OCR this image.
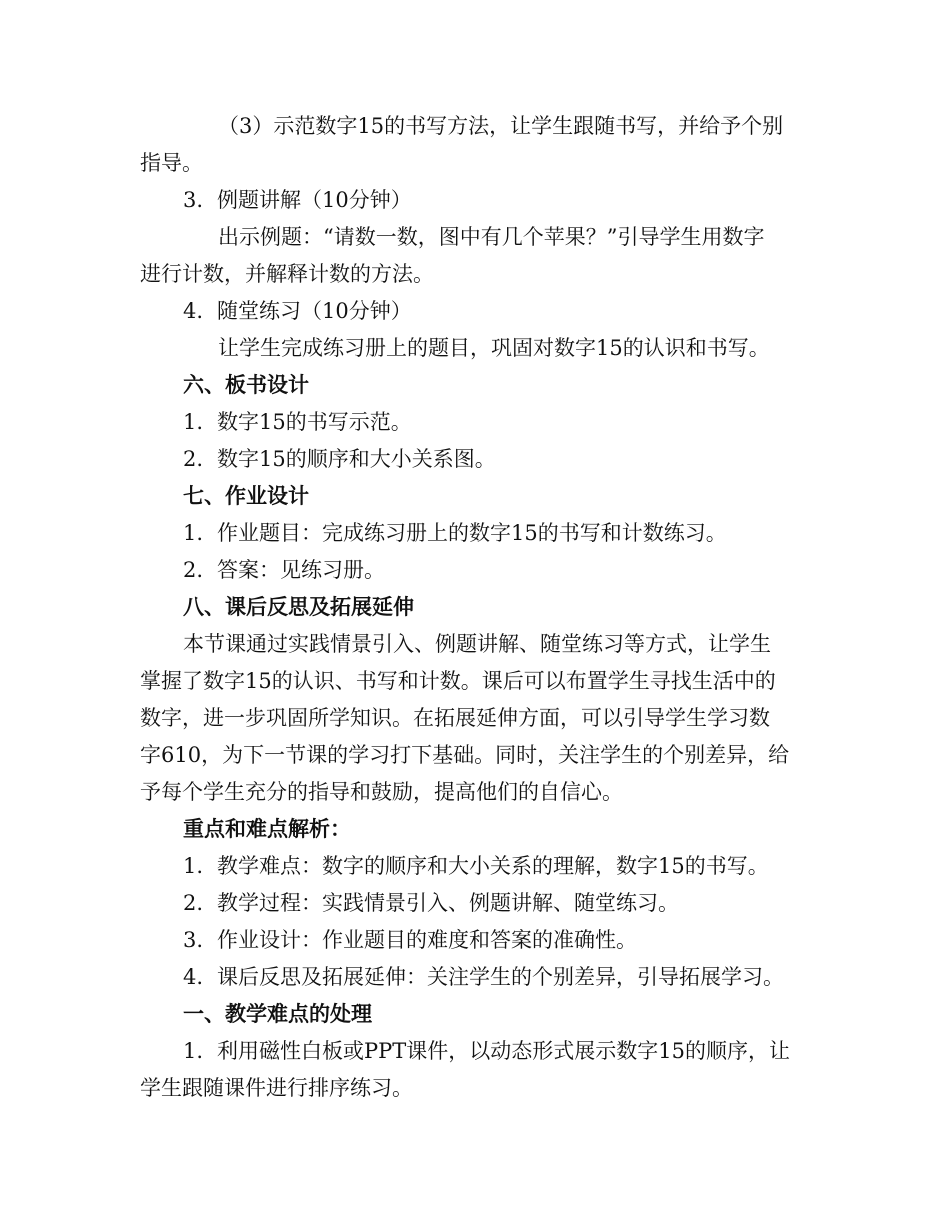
（3）示范数字15的书写方法，让学生跟随书写，并给予个别
指导。
3. 例题讲解（10分钟）
出示例题：“请数一数，图中有几个苹果？”引导学生用数字
进行计数，并解释计数的方法。
4. 随堂练习（10分钟）
让学生完成练习册上的题目，巩固对数字15的认识和书写。
六、板书设计
1. 数字15的书写示范。
2. 数字15的顺序和大小关系图。
七、作业设计
1. 作业题目：完成练习册上的数字15的书写和计数练习。
2. 答案：见练习册。
八、课后反思及拓展延伸
本节课通过实践情景引入、例题讲解、随堂练习等方式，让学生
掌握了数字15的认识、书写和计数。课后可以布置学生寻找生活中的
数字，进一步巩固所学知识。在拓展延伸方面，可以引导学生学习数
字610，为下一节课的学习打下基础。同时，关注学生的个别差异，给
予每个学生充分的指导和鼓励，提高他们的自信心。
重点和难点解析：
1. 教学难点：数字的顺序和大小关系的理解，数字15的书写。
2. 教学过程：实践情景引入、例题讲解、随堂练习。
3. 作业设计：作业题目的难度和答案的准确性。
4. 课后反思及拓展延伸：关注学生的个别差异，引导拓展学习。
一、教学难点的处理
1. 利用磁性白板或PPT课件，以动态形式展示数字15的顺序，让
学生跟随课件进行排序练习。
